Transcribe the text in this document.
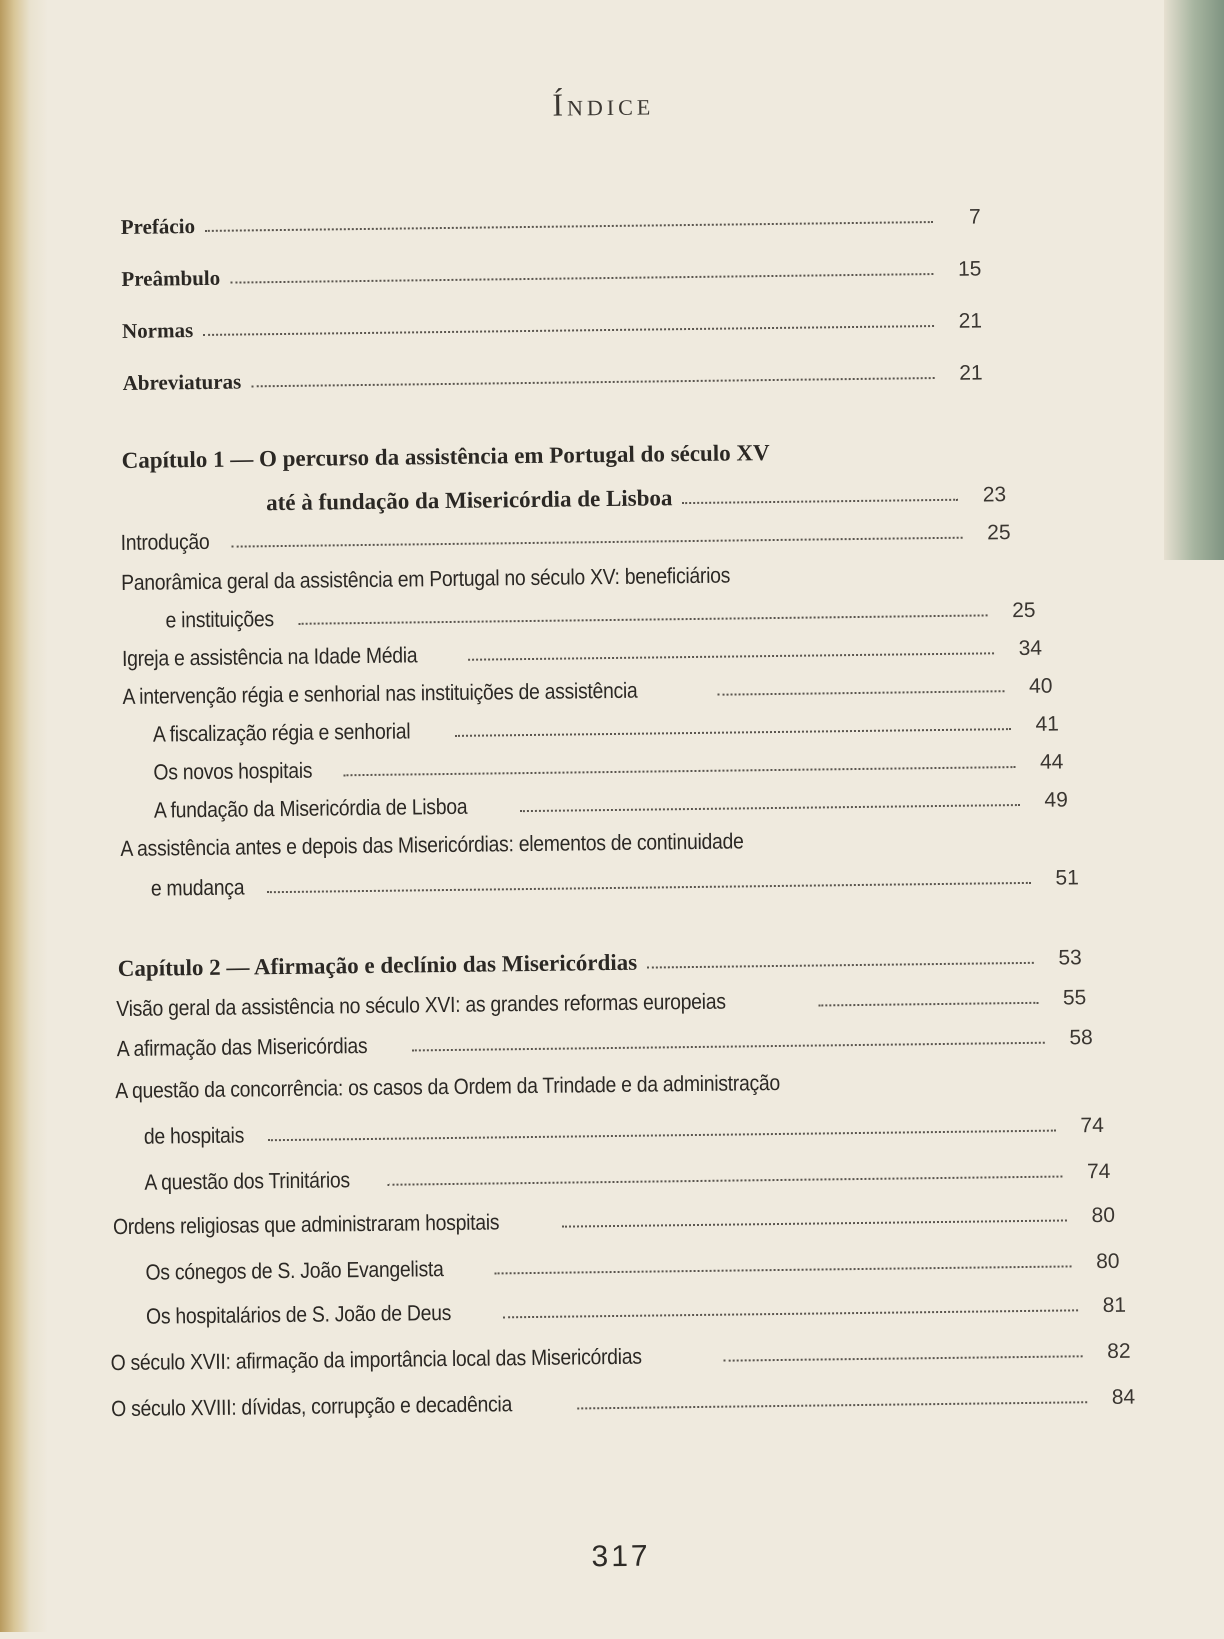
Índice
Prefácio	7
Preâmbulo	15
Normas	21
Abreviaturas	21
Capítulo 1 — O percurso da assistência em Portugal do século XV
até à fundação da Misericórdia de Lisboa	23
Introdução	25
Panorâmica geral da assistência em Portugal no século XV: beneficiários
e instituições	25
Igreja e assistência na Idade Média	34
A intervenção régia e senhorial nas instituições de assistência	40
A fiscalização régia e senhorial	41
Os novos hospitais	44
A fundação da Misericórdia de Lisboa	49
A assistência antes e depois das Misericórdias: elementos de continuidade
e mudança	51
Capítulo 2 — Afirmação e declínio das Misericórdias	53
Visão geral da assistência no século XVI: as grandes reformas europeias	55
A afirmação das Misericórdias	58
A questão da concorrência: os casos da Ordem da Trindade e da administração
de hospitais	74
A questão dos Trinitários	74
Ordens religiosas que administraram hospitais	80
Os cónegos de S. João Evangelista	80
Os hospitalários de S. João de Deus	81
O século XVII: afirmação da importância local das Misericórdias	82
O século XVIII: dívidas, corrupção e decadência	84
317
